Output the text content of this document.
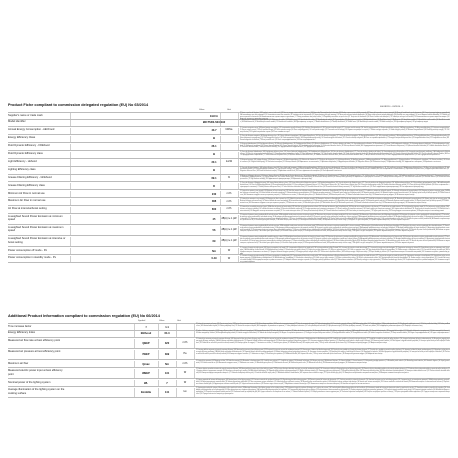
000183/10 - 03/2014 - 1
Product Fiche compliant to commission delegated regulation (EU) No 65/2014
Value	Unit
Additional Product Information compliant to commission regulation (EU) No 66/2014
Symbol	Value	Unit
Supplier's name or trade mark	ELICA
IT Nome o marchio del fornitore | EN Supplier's name or trade mark | FR Nom ou marque commerciale du fournisseur | DE Name oder Warenzeichen des Lieferanten | ES Nombre o marca comercial del proveedor | PT Nome do fornecedor ou marca comercial | NL Naam of handelsmerk van de leverancier | EL Όνομα ή εμπορικό σήμα του προμηθευτή | DA Leverandørens navn eller varemærke | SV Leverantörens namn eller varumärke | FI Toimittajan nimi tai tavaramerkki | PL Nazwa dostawcy lub znak towarowy | CS Název nebo ochranná známka dodavatele | SK Názov alebo ochranná známka dodávateľa | HU A szállító neve vagy védjegye | SL Ime ali blagovna znamka dobavitelja | RO Numele sau marca comercială a furnizorului | BG Наименование или търговска марка на доставчика | LT Tiekėjo pavadinimas arba prekių ženklas | LV Piegādātāja nosaukums vai preču zīme | ET Tarnija nimi või kaubamärk | HR Naziv ili zaštitni znak dobavljača | TR Tedarikçinin adı veya ticari markası | RU Наименование или торговая марка поставщика | UK Назва або торговельна марка постачальника
Model identifier	B01TSD0-S03-S92
IT Identificativo del modello | EN Model identifier | FR Référence du modèle | DE Modellkennung | ES Identificador del modelo | PT Identificador de modelo | NL Typeaanduiding | EL Αναγνωριστικό μοντέλου | DA Modelidentifikation | SV Modellbeteckning | FI Mallitunniste | PL Identyfikator modelu | CS Identifikační značka modelu | SK Identifikátor modelu | HU Modellazonosító | SL Identifikacijska oznaka modela | RO Identificatorul modelului | BG Идентификатор на модела | LT Modelio identifikatorius | LV Modeļa identifikators | ET Mudeli tunnus | HR Identifikacijska oznaka modela | TR Model tanımlayıcısı | RU Идентификатор модели | UK Ідентифікатор моделі
Annual Energy Consumption - AEChood	43.7	kWh/a	IT Consumo energetico annuo | EN Annual energy consumption | FR Consommation annuelle d'énergie | DE Jährlicher Energieverbrauch | ES Consumo anual de energía | PT Consumo anual de energia | NL Jaarlijks energieverbruik | EL Ετήσια κατανάλωση ενέργειας | DA Årligt energiforbrug | SV Årlig energiförbrukning | FI Vuotuinen energiankulutus | PL Roczne zużycie energii | CS Roční spotřeba energie | SK Ročná spotreba energie | HU Éves energiafogyasztás | SL Letna poraba energije | RO Consumul anual de energie | BG Годишна консумация на енергия | LT Metinės energijos sąnaudos | LV Gada enerģijas patēriņš | ET Aastane energiatarbimine | HR Godišnja potrošnja energije | TR Yıllık enerji tüketimi | RU Годовое потребление энергии | UK Річне споживання енергії
Energy Efficiency Class	B
IT Classe di efficienza energetica | EN Energy efficiency class | FR Classe d'efficacité énergétique | DE Energieeffizienzklasse | ES Clase de eficiencia energética | PT Classe de eficiência energética | NL Energie-efficiëntieklasse | EL Τάξη ενεργειακής απόδοσης | DA Energieffektivitetsklasse | SV Energieffektivitetsklass | FI Energiatehokkuusluokka | PL Klasa efektywności energetycznej | CS Třída energetické účinnosti | SK Trieda energetickej účinnosti | HU Energiahatékonysági osztály | SL Razred energijske učinkovitosti | RO Clasa de eficiență energetică | BG Клас на енергийна ефективност | LT Energijos vartojimo efektyvumo klasė | LV Energoefektivitātes klase | ET Energiatõhususe klass | HR Razred energetske učinkovitosti | TR Enerji verimlilik sınıfı | RU Класс энергоэффективности | UK Клас енергоефективності
Fluid Dynamic Efficiency - FDEhood	26.1
IT Efficienza fluidodinamica | EN Fluid dynamic efficiency | FR Efficacité fluidodynamique | DE Fluiddynamische Effizienz | ES Eficiencia fluidodinámica | PT Eficiência dinâmica de fluidos | NL Vloeistofdynamische efficiëntie | EL Ρευστοδυναμική απόδοση | DA Fluiddynamisk effektivitet | SV Strömningsdynamisk effektivitet | FI Virtausdynaaminen hyötysuhde | PL Efektywność przepływu | CS Účinnost dynamiky tekutin | SK Účinnosť dynamiky tekutín | HU Áramlásdinamikai hatékonyság | SL Učinkovitost dinamike tekočin | RO Eficiența dinamicii fluidelor | BG Флуидодинамична ефективност | LT Srauto dinaminis efektyvumas | LV Šķidruma dinamikas efektivitāte | ET Vedeliku dünaamiline tõhusus | HR Učinkovitost dinamike fluida | TR Akışkan dinamik verimliliği | RU Гидродинамическая эффективность | UK Гідродинамічна ефективність
Fluid Dynamic Efficiency class	B
IT Classe di efficienza fluidodinamica | EN Fluid dynamic efficiency class | FR Classe d'efficacité fluidodynamique | DE Fluiddynamische Effizienzklasse | ES Clase de eficiencia fluidodinámica | PT Classe de eficiência dinâmica de fluidos | NL Vloeistofdynamische efficiëntieklasse | EL Κατηγορία ρευστοδυναμικής απόδοσης | DA Fluiddynamisk effektivitetsklasse | SV Klass för strömningsdynamisk effektivitet | FI Virtausdynaamisen hyötysuhteen luokka | PL Klasa efektywności przepływu | CS Třída účinnosti dynamiky tekutin | SK Trieda účinnosti dynamiky tekutín | HU Áramlásdinamikai hatékonysági osztály | SL Razred učinkovitosti dinamike tekočin | RO Clasa de eficiență a dinamicii fluidelor | BG Клас на флуидодинамична ефективност | LT Srauto dinaminio efektyvumo klasė | LV Šķidruma dinamikas efektivitātes klase | ET Vedeliku dünaamilise tõhususe klass | HR Razred učinkovitosti dinamike fluida | TR Akışkan dinamik verimlilik sınıfı | RU Класс гидродинамической эффективности | UK Клас гідродинамічної ефективності
Light Efficiency - LEhood	20.1	lux/W	IT Efficienza luminosa | EN Lighting efficiency | FR Efficacité lumineuse | DE Beleuchtungseffizienz | ES Eficiencia de iluminación | PT Eficiência de iluminação | NL Verlichtingsefficiëntie | EL Απόδοση φωτισμού | DA Belysningseffektivitet | SV Belysningseffektivitet | FI Valaistustehokkuus | PL Efektywność oświetlenia | CS Účinnost osvětlení | SK Účinnosť osvetlenia | HU Világítási hatékonyság | SL Učinkovitost razsvetljave | RO Eficiența iluminării | BG Ефективност на осветлението | LT Apšvietimo efektyvumas | LV Apgaismojuma efektivitāte | ET Valgustuse tõhusus | HR Učinkovitost rasvjete | TR Aydınlatma verimliliği | RU Эффективность освещения | UK Ефективність освітлення
Lighting Efficiency class	B
IT Classe di efficienza luminosa | EN Lighting efficiency class | FR Classe d'efficacité lumineuse | DE Beleuchtungseffizienzklasse | ES Clase de eficiencia de iluminación | PT Classe de eficiência de iluminação | NL Verlichtingsefficiëntieklasse | EL Τάξη απόδοσης φωτισμού | DA Belysningseffektivitetsklasse | SV Klass för belysningseffektivitet | FI Valaistustehokkuusluokka | PL Klasa efektywności oświetlenia | CS Třída účinnosti osvětlení | SK Trieda účinnosti osvetlenia | HU Világítási hatékonysági osztály | SL Razred učinkovitosti razsvetljave | RO Clasa de eficiență a iluminării | BG Клас на ефективност на осветлението | LT Apšvietimo efektyvumo klasė | LV Apgaismojuma efektivitātes klase | ET Valgustuse tõhususe klass | HR Razred učinkovitosti rasvjete | TR Aydınlatma verimlilik sınıfı | RU Класс эффективности освещения | UK Клас ефективності освітлення
Grease Filtering Efficiency - GFEhood	69.1	%	IT Efficienza di filtraggio dei grassi | EN Grease filtering efficiency | FR Efficacité de filtration des graisses | DE Fettabscheidegrad | ES Eficiencia de filtrado de grasa | PT Eficiência de filtragem de gorduras | NL Vetfilterrendement | EL Απόδοση φιλτραρίσματος λιπών | DA Fedtfiltreringseffektivitet | SV Fettfiltreringseffektivitet | FI Rasvanpoistotehokkuus | PL Efektywność filtrowania tłuszczu | CS Účinnost filtrace tuků | SK Účinnosť filtrácie tukov | HU Zsírszűrési hatékonyság | SL Učinkovitost filtriranja maščob | RO Eficiența filtrării grăsimilor | BG Ефективност на филтриране на мазнини | LT Riebalų filtravimo efektyvumas | LV Tauku filtrēšanas efektivitāte | ET Rasvafiltri tõhusus | HR Učinkovitost filtriranja masnoće | TR Yağ filtreleme verimliliği | RU Эффективность фильтрации жира | UK Ефективність фільтрації жиру
Grease Filtering Efficiency class	D
IT Classe di efficienza di filtraggio dei grassi | EN Grease filtering efficiency class | FR Classe d'efficacité de filtration des graisses | DE Fettabscheidegradklasse | ES Clase de eficiencia de filtrado de grasa | PT Classe de eficiência de filtragem de gorduras | NL Vetfilterrendementsklasse | EL Τάξη απόδοσης φιλτραρίσματος λιπών | DA Fedtfiltreringseffektivitetsklasse | SV Klass för fettfiltreringseffektivitet | FI Rasvanpoistotehokkuusluokka | PL Klasa efektywności filtrowania tłuszczu | CS Třída účinnosti filtrace tuků | SK Trieda účinnosti filtrácie tukov | HU Zsírszűrési hatékonysági osztály | SL Razred učinkovitosti filtriranja maščob | RO Clasa de eficiență a filtrării grăsimilor | BG Клас на ефективност на филтриране на мазнини | LT Riebalų filtravimo efektyvumo klasė | LV Tauku filtrēšanas efektivitātes klase | ET Rasvafiltri tõhususe klass | HR Razred učinkovitosti filtriranja masnoće | TR Yağ filtreleme verimlilik sınıfı | RU Класс эффективности фильтрации жира | UK Клас ефективності фільтрації жиру
Minimum Air Flow in normal use	240	m³/h	IT Portata d'aria minima in uso normale | EN Minimum air flow in normal use | FR Débit d'air minimal en utilisation normale | DE Minimaler Luftstrom im Normalbetrieb | ES Flujo de aire mínimo en uso normal | PT Caudal de ar mínimo em utilização normal | NL Minimale luchtstroom bij normaal gebruik | EL Ελάχιστη ροή αέρα σε κανονική χρήση | DA Minimal luftstrøm ved normal brug | SV Minsta luftflöde vid normal användning | FI Vähimmäisilmavirta normaalikäytössä | PL Minimalny przepływ powietrza | CS Minimální průtok vzduchu při běžném použití | SK Minimálny prietok vzduchu | HU Minimális légáram normál használat esetén | SL Najmanjši pretok zraka pri običajni uporabi | RO Debitul minim de aer | BG Минимален въздушен поток при нормална употреба | LT Mažiausias oro srautas | LV Minimālā gaisa plūsma | ET Minimaalne õhuvool | HR Minimalni protok zraka | TR Normal kullanımda minimum hava akışı | RU Минимальный расход воздуха | UK Мінімальна витрата повітря
Maximum Air Flow in normal use	388	m³/h	IT Portata d'aria massima in uso normale | EN Maximum air flow in normal use | FR Débit d'air maximal en utilisation normale | DE Maximaler Luftstrom im Normalbetrieb | ES Flujo de aire máximo en uso normal | PT Caudal de ar máximo em utilização normal | NL Maximale luchtstroom bij normaal gebruik | EL Μέγιστη ροή αέρα σε κανονική χρήση | DA Maksimal luftstrøm ved normal brug | SV Största luftflöde vid normal användning | FI Enimmäisilmavirta normaalikäytössä | PL Maksymalny przepływ powietrza | CS Maximální průtok vzduchu při běžném použití | SK Maximálny prietok vzduchu | HU Maximális légáram normál használat esetén | SL Največji pretok zraka pri običajni uporabi | RO Debitul maxim de aer | BG Максимален въздушен поток при нормална употреба | LT Didžiausias oro srautas | LV Maksimālā gaisa plūsma | ET Maksimaalne õhuvool | HR Maksimalni protok zraka | TR Normal kullanımda maksimum hava akışı | RU Максимальный расход воздуха | UK Максимальна витрата повітря
Air Flow at intensive/boost setting	600	m³/h	IT Portata d'aria in modalità intensiva o boost | EN Air flow at intensive or boost setting | FR Débit d'air en position intensive ou boost | DE Luftstrom bei Intensiv- oder Schnelllaufstufe | ES Flujo de aire en modo intensivo o de refuerzo | PT Caudal de ar em modo intensivo | NL Luchtstroom bij intensieve stand | EL Ροή αέρα στην εντατική ρύθμιση | DA Luftstrøm ved intensiv indstilling | SV Luftflöde vid intensiv inställning | FI Ilmavirta tehostetulla asetuksella | PL Przepływ powietrza przy ustawieniu intensywnym | CS Průtok vzduchu při intenzivním nastavení | SK Prietok vzduchu pri intenzívnom nastavení | HU Légáram intenzív beállításnál | SL Pretok zraka pri intenzivni nastavitvi | RO Debitul de aer la setare intensivă | BG Въздушен поток при интензивна настройка | LT Oro srautas intensyviu režimu | LV Gaisa plūsma intensīvajā režīmā | ET Õhuvool intensiivsel seadistusel | HR Protok zraka pri intenzivnoj postavci | TR Yoğun ayarda hava akışı | RU Расход воздуха в интенсивном режиме | UK Витрата повітря в інтенсивному режимі
A-weighted Sound Power Emission at minimum speed	45	dB(A) re 1 pW
IT Emissioni di potenza sonora ponderata A alla velocità minima | EN A-weighted sound power emissions at minimum speed | FR Émissions de puissance acoustique pondérée A à la vitesse minimale | DE A-bewertete Luftschallemissionen bei Mindestgeschwindigkeit | ES Emisiones de potencia acústica ponderada A a velocidad mínima | PT Emissões de potência sonora ponderada A à velocidade mínima | NL A-gewogen geluidsvermogensemissies bij minimale snelheid | EL Εκπομπές ηχητικής ισχύος σταθμισμένες κατά Α στην ελάχιστη ταχύτητα | DA A-vægtede lydeffektemissioner ved minimal hastighed | SV A-vägda ljudeffektutsläpp vid minsta hastighet | FI A-painotetut äänitehopäästöt pienimmällä nopeudella | PL Emisja mocy akustycznej ważonej A przy minimalnej prędkości | CS Emise akustického výkonu váženého A při minimální rychlosti | SK Emisie hladiny akustického výkonu A | HU A-súlyozott hangteljesítmény-kibocsátás | SL A-vrednotena emisija zvočne moči | RO Emisiile de putere acustică ponderată A | BG Емисии на звукова мощност, претеглени по А | LT A svertinės garso galios emisijos | LV A svērtās skaņas jaudas emisijas | ET A-korrigeeritud helivõimsuse heide | HR A-ponderirane emisije zvučne snage | TR A ağırlıklı ses gücü emisyonları | RU Уровень звуковой мощности | UK Рівень звукової потужності
A-weighted Sound Power Emission at maximum speed	56	dB(A) re 1 pW
IT Emissioni di potenza sonora ponderata A alla velocità massima | EN A-weighted sound power emissions at maximum speed | FR Émissions de puissance acoustique pondérée A à la vitesse maximale | DE A-bewertete Luftschallemissionen bei Höchstgeschwindigkeit | ES Emisiones de potencia acústica ponderada A a velocidad máxima | PT Emissões de potência sonora ponderada A à velocidade máxima | NL A-gewogen geluidsvermogensemissies bij maximale snelheid | EL Εκπομπές ηχητικής ισχύος σταθμισμένες κατά Α στη μέγιστη ταχύτητα | DA A-vægtede lydeffektemissioner ved maksimal hastighed | SV A-vägda ljudeffektutsläpp vid högsta hastighet | FI A-painotetut äänitehopäästöt suurimmalla nopeudella | PL Emisja mocy akustycznej ważonej A przy maksymalnej prędkości | CS Emise akustického výkonu váženého A při maximální rychlosti | SK Emisie hladiny akustického výkonu A | HU A-súlyozott hangteljesítmény-kibocsátás | SL A-vrednotena emisija zvočne moči | RO Emisiile de putere acustică ponderată A | BG Емисии на звукова мощност, претеглени по А | LT A svertinės garso galios emisijos | LV A svērtās skaņas jaudas emisijas | ET A-korrigeeritud helivõimsuse heide | HR A-ponderirane emisije zvučne snage | TR A ağırlıklı ses gücü emisyonları | RU Уровень звуковой мощности | UK Рівень звукової потужності
A-weighted Sound Power Emission at intensive or boost setting	69	dB(A) re 1 pW
IT Emissioni di potenza sonora ponderata A in modalità intensiva o boost | EN A-weighted sound power emissions at intensive or boost setting | FR Émissions de puissance acoustique pondérée A en position intensive | DE A-bewertete Luftschallemissionen bei Intensivstufe | ES Emisiones de potencia acústica ponderada A en modo intensivo | PT Emissões de potência sonora ponderada A em modo intensivo | NL A-gewogen geluidsvermogensemissies bij intensieve stand | EL Εκπομπές ηχητικής ισχύος σταθμισμένες κατά Α στην εντατική ρύθμιση | DA A-vægtede lydeffektemissioner ved intensiv indstilling | SV A-vägda ljudeffektutsläpp vid intensiv inställning | FI A-painotetut äänitehopäästöt tehostetulla asetuksella | PL Emisja mocy akustycznej ważonej A przy ustawieniu intensywnym | CS Emise akustického výkonu váženého A při intenzivním nastavení | SK Emisie hladiny akustického výkonu A | HU A-súlyozott hangteljesítmény-kibocsátás | SL A-vrednotena emisija zvočne moči | RO Emisiile de putere acustică ponderată A | BG Емисии на звукова мощност, претеглени по А | LT A svertinės garso galios emisijos | LV A svērtās skaņas jaudas emisijas | ET A-korrigeeritud helivõimsuse heide | HR A-ponderirane emisije zvučne snage | TR A ağırlıklı ses gücü emisyonları | RU Уровень звуковой мощности | UK Рівень звукової потужності
Power consumption off mode - Po	NA	W	IT Consumo di energia in modo spento | EN Power consumption in off mode | FR Consommation d'électricité en mode arrêt | DE Leistungsaufnahme im Aus-Zustand | ES Consumo de energía en modo desactivado | PT Consumo de energia em modo desligado | NL Opgenomen vermogen in uitstand | EL Κατανάλωση ισχύος σε κατάσταση εκτός λειτουργίας | DA Effektforbrug i slukket tilstand | SV Effektförbrukning i frånläge | FI Tehonkulutus pois päältä -tilassa | PL Pobór mocy w trybie wyłączenia | CS Příkon ve vypnutém stavu | SK Príkon vo vypnutom stave | HU Teljesítményfelvétel kikapcsolt üzemmódban | SL Poraba energije v izklopljenem stanju | RO Consumul de energie în modul oprit | BG Консумирана мощност в изключено състояние | LT Išjungtos veiksenos energijos sąnaudos | LV Enerģijas patēriņš izslēgtā režīmā | ET Võimsustarve väljalülitatud olekus | HR Potrošnja energije u isključenom stanju | TR Kapalı modda güç tüketimi | RU Потребляемая мощность в выключенном режиме | UK Споживана потужність у вимкненому режимі
Power consumption in standby mode - Ps	0.49	W	IT Consumo di energia in modo stand-by | EN Power consumption in standby mode | FR Consommation d'électricité en mode veille | DE Leistungsaufnahme im Bereitschaftszustand | ES Consumo de energía en modo de espera | PT Consumo de energia em modo de espera | NL Opgenomen vermogen in stand-bystand | EL Κατανάλωση ισχύος σε κατάσταση αναμονής | DA Effektforbrug i standbytilstand | SV Effektförbrukning i standbyläge | FI Tehonkulutus valmiustilassa | PL Pobór mocy w trybie czuwania | CS Příkon v pohotovostním režimu | SK Príkon v pohotovostnom režime | HU Teljesítményfelvétel készenléti üzemmódban | SL Poraba energije v stanju pripravljenosti | RO Consumul de energie în modul standby | BG Консумирана мощност в режим на готовност | LT Budėjimo veiksenos energijos sąnaudos | LV Enerģijas patēriņš gaidstāves režīmā | ET Võimsustarve ooterežiimis | HR Potrošnja energije u stanju pripravnosti | TR Bekleme modunda güç tüketimi | RU Потребляемая мощность в режиме ожидания | UK Споживана потужність у режимі очікування
Time increase factor	f	1.1
IT Fattore di incremento nel tempo | EN Time increase factor | FR Facteur d'accroissement temporel | DE Zeitverlängerungsfaktor | ES Factor de incremento temporal | PT Fator de aumento do tempo | NL Tijdsverlengingsfactor | EL Συντελεστής χρονικής αύξησης | DA Tidsforøgelsesfaktor | SV Tidsökningsfaktor | FI Ajan pidentymiskerroin | PL Współczynnik wydłużenia czasu | CS Faktor prodloužení doby | SK Faktor predĺženia času | HU Időnövekedési tényező | SL Faktor podaljšanja časa | RO Factorul de creștere a timpului | BG Коефициент на увеличение на времето | LT Laiko padidėjimo koeficientas | LV Laika palielinājuma koeficients | ET Aja pikenemise tegur | HR Faktor produljenja vremena | TR Zaman artış faktörü | RU Коэффициент увеличения времени | UK Коефіцієнт збільшення часу
Energy Efficiency Index	EEIhood	64.3
IT Indice di efficienza energetica | EN Energy efficiency index | FR Indice d'efficacité énergétique | DE Energieeffizienzindex | ES Índice de eficiencia energética | PT Índice de eficiência energética | NL Energie-efficiëntie-index | EL Δείκτης ενεργειακής απόδοσης | DA Energieffektivitetsindeks | SV Energieffektivitetsindex | FI Energiatehokkuusindeksi | PL Wskaźnik efektywności energetycznej | CS Index energetické účinnosti | SK Index energetickej účinnosti | HU Energiahatékonysági mutató | SL Indeks energijske učinkovitosti | RO Indicele de eficiență energetică | BG Индекс на енергийна ефективност | LT Energijos vartojimo efektyvumo indeksas | LV Energoefektivitātes indekss | ET Energiatõhususe indeks | HR Indeks energetske učinkovitosti | TR Enerji verimlilik endeksi | RU Индекс энергоэффективности | UK Індекс енергоефективності
Measured air flow rate at best efficiency point
QBEP	320	m³/h
IT Portata d'aria misurata nel punto di massima efficienza | EN Measured air flow rate at best efficiency point | FR Débit d'air mesuré au point de rendement maximal | DE Gemessener Luftvolumenstrom im Bestleistungspunkt | ES Caudal de aire medido en el punto de máxima eficiencia | PT Caudal de ar medido no ponto de melhor eficiência | NL Gemeten luchtstroom bij beste rendementspunt | EL Μετρούμενη παροχή αέρα στο σημείο βέλτιστης απόδοσης | DA Målt luftstrøm ved bedste effektivitetspunkt | SV Uppmätt luftflöde vid bästa verkningsgradspunkt | FI Mitattu ilmavirta parhaan hyötysuhteen pisteessä | PL Zmierzone natężenie przepływu powietrza | CS Naměřený průtok vzduchu v bodě nejvyšší účinnosti | SK Nameraný prietok vzduchu | HU Mért légáram a legjobb hatásfok pontjában | SL Izmerjeni pretok zraka pri točki najboljše učinkovitosti | RO Debitul de aer măsurat la punctul de eficiență maximă | BG Измерен дебит на въздуха | LT Išmatuotas oro srautas | LV Izmērītā gaisa plūsma | ET Mõõdetud õhuvool | HR Izmjereni protok zraka | TR En iyi verim noktasında ölçülen hava akışı | RU Измеренный расход воздуха | UK Виміряна витрата повітря
Measured air pressure at best efficiency point
PBEP	399	Pa
IT Pressione dell'aria misurata nel punto di massima efficienza | EN Measured air pressure at best efficiency point | FR Pression d'air mesurée au point de rendement maximal | DE Gemessener Luftdruck im Bestleistungspunkt | ES Presión de aire medida en el punto de máxima eficiencia | PT Pressão de ar medida no ponto de melhor eficiência | NL Gemeten luchtdruk bij beste rendementspunt | EL Μετρούμενη πίεση αέρα στο σημείο βέλτιστης απόδοσης | DA Målt lufttryk ved bedste effektivitetspunkt | SV Uppmätt lufttryck vid bästa verkningsgradspunkt | FI Mitattu ilmanpaine parhaan hyötysuhteen pisteessä | PL Zmierzone ciśnienie powietrza | CS Naměřený tlak vzduchu v bodě nejvyšší účinnosti | SK Nameraný tlak vzduchu | HU Mért légnyomás a legjobb hatásfok pontjában | SL Izmerjeni zračni tlak pri točki najboljše učinkovitosti | RO Presiunea aerului măsurată la punctul de eficiență maximă | BG Измерено въздушно налягане | LT Išmatuotas oro slėgis | LV Izmērītais gaisa spiediens | ET Mõõdetud õhurõhk | HR Izmjereni tlak zraka | TR En iyi verim noktasında ölçülen hava basıncı | RU Измеренное давление воздуха | UK Виміряний тиск повітря
Maximum air flow	Qmax	NA	m³/h	IT Portata d'aria massima | EN Maximum air flow | FR Débit d'air maximal | DE Maximaler Luftvolumenstrom | ES Caudal de aire máximo | PT Caudal de ar máximo | NL Maximale luchtstroom | EL Μέγιστη ροή αέρα | DA Maksimal luftstrøm | SV Största luftflöde | FI Suurin ilmavirta | PL Maksymalny przepływ powietrza | CS Maximální průtok vzduchu | SK Maximálny prietok vzduchu | HU Maximális légáram | SL Največji pretok zraka | RO Debitul maxim de aer | BG Максимален въздушен поток | LT Didžiausias oro srautas | LV Maksimālā gaisa plūsma | ET Maksimaalne õhuvool | HR Maksimalni protok zraka | TR Maksimum hava akışı | RU Максимальный расход воздуха | UK Максимальна витрата повітря
Measured electric power input at best efficiency point	WBEP	131	W
IT Potenza elettrica assorbita misurata nel punto di massima efficienza | EN Measured electric power input at best efficiency point | FR Puissance électrique absorbée mesurée au point de rendement maximal | DE Gemessene elektrische Eingangsleistung im Bestleistungspunkt | ES Potencia eléctrica absorbida medida en el punto de máxima eficiencia | PT Potência elétrica absorvida medida no ponto de melhor eficiência | NL Gemeten elektrisch opgenomen vermogen | EL Μετρούμενη ηλεκτρική ισχύς εισόδου | DA Målt elektrisk effektoptag | SV Uppmätt eleffekt vid bästa verkningsgradspunkt | FI Mitattu sähköinen ottoteho | PL Zmierzony pobór mocy elektrycznej | CS Naměřený elektrický příkon | SK Nameraný elektrický príkon | HU Mért elektromos teljesítményfelvétel | SL Izmerjena vhodna električna moč | RO Puterea electrică absorbită măsurată | BG Измерена входяща електрическа мощност | LT Išmatuota naudojamoji elektros galia | LV Izmērītā elektriskā ieejas jauda | ET Mõõdetud elektriline sisendvõimsus | HR Izmjerena ulazna električna snaga | TR Ölçülen elektrik giriş gücü | RU Измеренная потребляемая электрическая мощность | UK Виміряна споживана електрична потужність
Nominal power of the lighting system	WL	7	W	IT Potenza nominale del sistema di illuminazione | EN Nominal power of the lighting system | FR Puissance nominale du système d'éclairage | DE Nennleistung des Beleuchtungssystems | ES Potencia nominal del sistema de iluminación | PT Potência nominal do sistema de iluminação | NL Nominaal vermogen van het verlichtingssysteem | EL Ονομαστική ισχύς του συστήματος φωτισμού | DA Belysningssystemets nominelle effekt | SV Belysningssystemets nominella effekt | FI Valaistusjärjestelmän nimellisteho | PL Moc znamionowa systemu oświetlenia | CS Jmenovitý příkon osvětlovací soustavy | SK Menovitý príkon osvetľovacieho systému | HU A világítási rendszer névleges teljesítménye | SL Nazivna moč sistema razsvetljave | RO Puterea nominală a sistemului de iluminat | BG Номинална мощност на осветителната система | LT Apšvietimo sistemos vardinė galia | LV Apgaismojuma sistēmas nominālā jauda | ET Valgustussüsteemi nimivõimsus | HR Nazivna snaga sustava rasvjete | TR Aydınlatma sisteminin nominal gücü | RU Номинальная мощность системы освещения | UK Номінальна потужність системи освітлення
Average illumination of the lighting system on the cooking surface	Emiddle	141	lux
IT Illuminamento medio del sistema di illuminazione sulla superficie di cottura | EN Average illumination of the lighting system on the cooking surface | FR Éclairement moyen du système d'éclairage sur la surface de cuisson | DE Durchschnittliche Beleuchtungsstärke auf der Kochfläche | ES Iluminancia media del sistema de iluminación sobre la superficie de cocción | PT Iluminância média na superfície de cozedura | NL Gemiddelde verlichtingssterkte op het kookoppervlak | EL Μέση φωτεινότητα στην επιφάνεια μαγειρέματος | DA Gennemsnitlig belysningsstyrke på kogefladen | SV Genomsnittlig belysningsstyrka på kokytan | FI Keskimääräinen valaistusvoimakkuus keittotasolla | PL Średnie natężenie oświetlenia powierzchni gotowania | CS Průměrná intenzita osvětlení varné plochy | SK Priemerná intenzita osvetlenia | HU A főzőfelület átlagos megvilágítása | SL Povprečna osvetljenost kuhalne površine | RO Iluminarea medie pe suprafața de gătit | BG Средна осветеност на повърхността за готвене | LT Vidutinė kaitlentės apšvieta | LV Vidējais gatavošanas virsmas apgaismojums | ET Keskmine valgustatus keeduplaadil | HR Prosječna osvijetljenost površine za kuhanje | TR Pişirme yüzeyindeki ortalama aydınlatma | RU Средняя освещенность варочной поверхности | UK Середня освітленість поверхні для приготування
